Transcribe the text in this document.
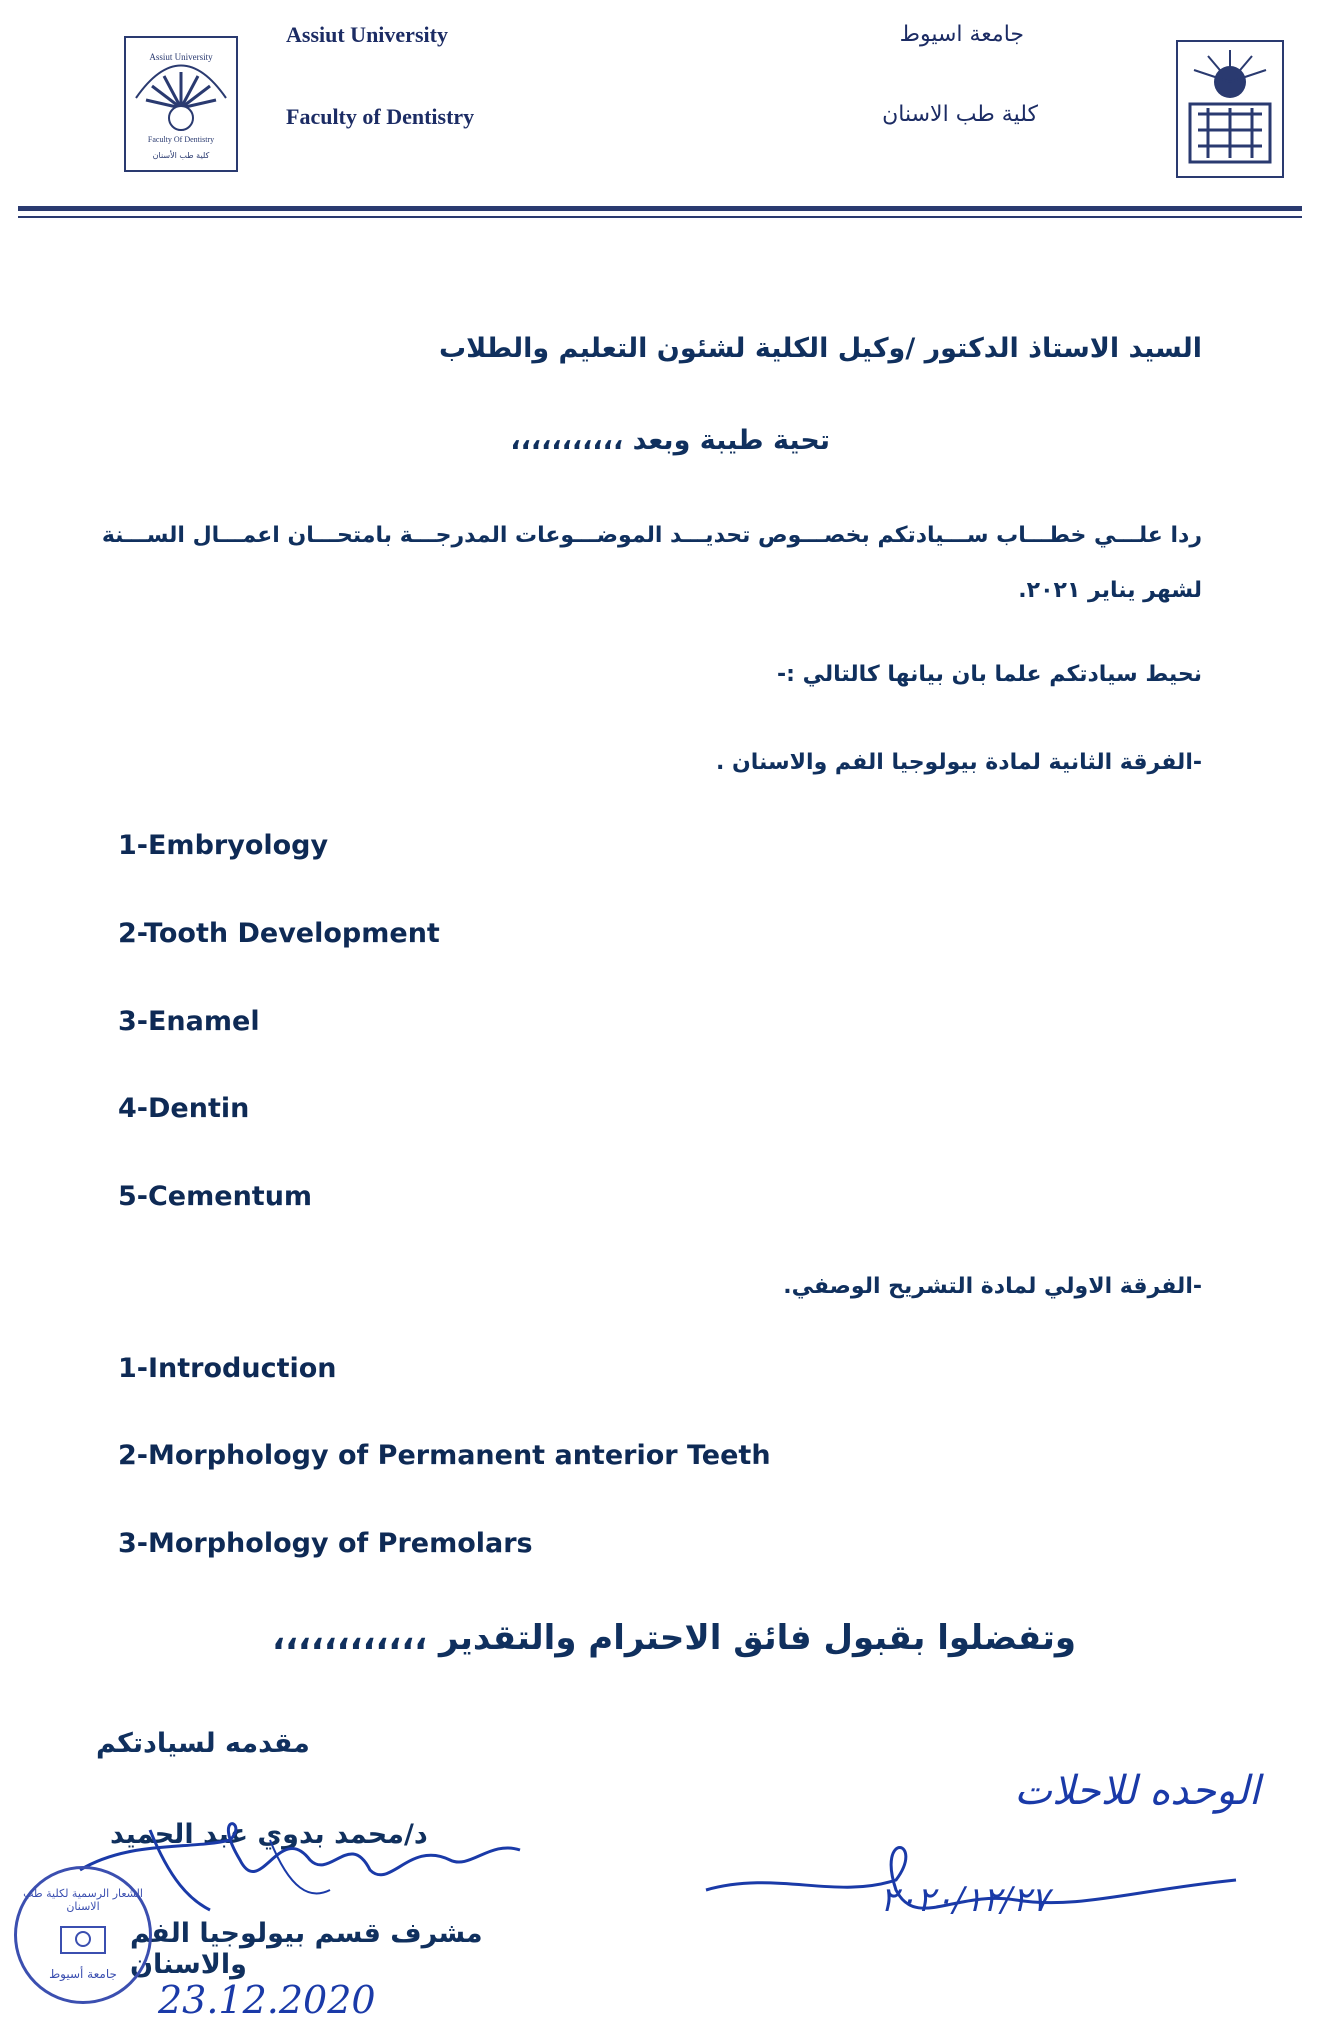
Assiut University
Faculty Of Dentistry
كلية طب الأسنان
Assiut University
Faculty of Dentistry
جامعة اسيوط
كلية طب الاسنان
السيد الاستاذ الدكتور /وكيل الكلية لشئون التعليم والطلاب
تحية طيبة وبعد ،،،،،،،،،،،
ردا علـــي خطـــاب ســـيادتكم بخصـــوص تحديـــد الموضـــوعات المدرجـــة بامتحـــان اعمـــال الســـنة
لشهر يناير ٢٠٢١.
نحيط سيادتكم علما بان بيانها كالتالي :-
-الفرقة الثانية لمادة بيولوجيا الفم والاسنان .
1-Embryology
2-Tooth Development
3-Enamel
4-Dentin
5-Cementum
-الفرقة الاولي لمادة التشريح الوصفي.
1-Introduction
2-Morphology of Permanent anterior Teeth
3-Morphology of Premolars
وتفضلوا بقبول فائق الاحترام والتقدير ،،،،،،،،،،،،
مقدمه لسيادتكم
د/محمد بدوي عبد الحميد
مشرف قسم بيولوجيا الفم والاسنان
23.12.2020
الشعار الرسمية لكلية طب الاسنان
جامعة أسيوط
الوحده للاحلات
٢٠٢٠/١٢/٢٧
